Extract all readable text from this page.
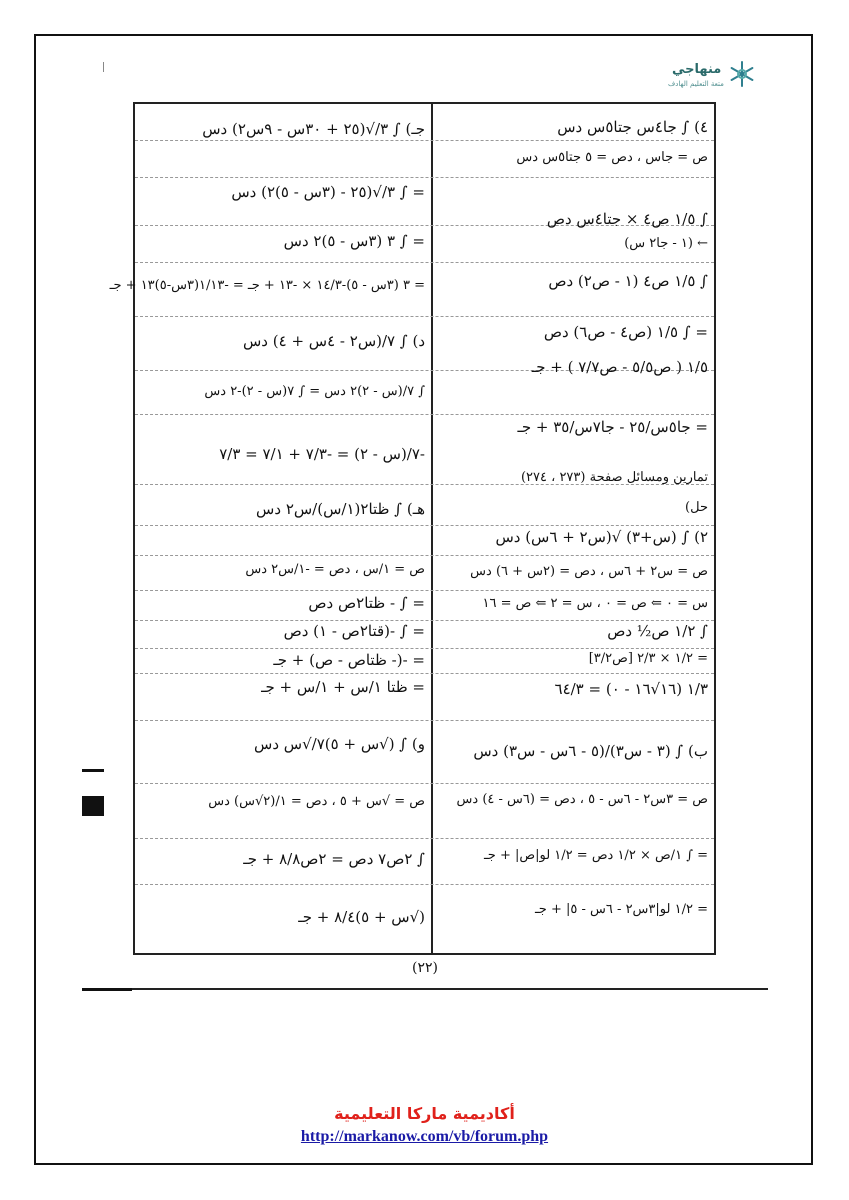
منهاجي
متعة التعليم الهادف
٤) ∫ جا٤س جتا٥س دس
ص = جاس ، دص = ٥ جتا٥س دس
∫ ١/٥ ص٤ × جتا٤س دص
← (١ - جا٢ س)
∫ ١/٥ ص٤ (١ - ص٢) دص
= ∫ ١/٥ (ص٤ - ص٦) دص
١/٥ ( ص٥/٥ - ص٧/٧ ) + جـ
= جا٥س/٢٥ - جا٧س/٣٥ + جـ
تمارين ومسائل صفحة (٢٧٣ ، ٢٧٤)
حل)
٢) ∫ (س+٣) √(س٢ + ٦س) دس
ص = س٢ + ٦س ، دص = (٢س + ٦) دس
س = ٠ ⇐ ص = ٠ ، س = ٢ ⇐ ص = ١٦
∫ ١/٢ ص½ دص
= ١/٢ × ٢/٣ [ص٣/٢]
١/٣ (١٦√١٦ - ٠) = ٦٤/٣
ب) ∫ (٣ - س٣)/(٥ - ٦س - س٣) دس
ص = ٣س٢ - ٦س - ٥ ، دص = (٦س - ٤) دس
= ∫ ١/ص × ١/٢ دص = ١/٢ لو|ص| + جـ
= ١/٢ لو|٣س٢ - ٦س - ٥| + جـ
جـ) ∫ ٣/√(٢٥ + ٣٠س - ٩س٢) دس
= ∫ ٣/√(٢٥ - (٣س - ٥)٢) دس
= ∫ ٣ (٣س - ٥)٢ دس
= ٣ (٣س - ٥)-١٤/٣ × -١٣ + جـ = -١/١٣(٣س-٥)١٣ + جـ
د) ∫ ٧/(س٢ - ٤س + ٤) دس
∫ ٧/(س - ٢)٢ دس = ∫ ٧(س - ٢)-٢ دس
-٧/(س - ٢) = -٧/٣ + ٧/١ = ٧/٣
هـ) ∫ ظتا٢(١/س)/س٢ دس
ص = ١/س ، دص = -١/س٢ دس
= ∫ - ظتا٢ص دص
= ∫ -(قتا٢ص - ١) دص
= -(- ظتاص - ص) + جـ
= ظتا ١/س + ١/س + جـ
و) ∫ (√س + ٥)٧/√س دس
ص = √س + ٥ ، دص = ١/(٢√س) دس
∫ ٢ص٧ دص = ٢ص٨/٨ + جـ
(√س + ٥)٨/٤ + جـ
(٢٢)
أكاديمية ماركا التعليمية
http://markanow.com/vb/forum.php
